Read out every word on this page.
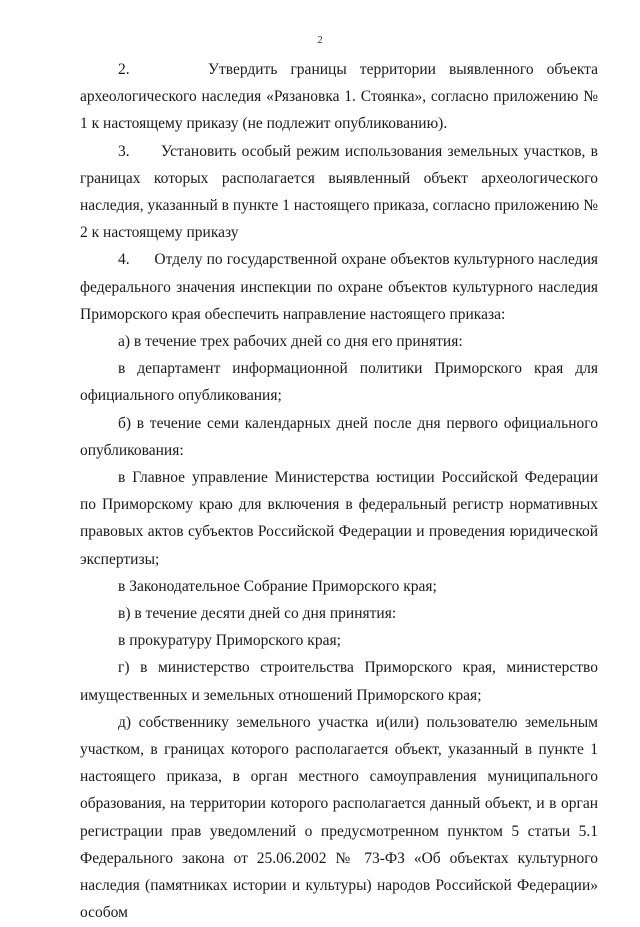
2

2.      Утвердить границы территории выявленного объекта археологического наследия «Рязановка 1. Стоянка», согласно приложению № 1 к настоящему приказу (не подлежит опубликованию).

3.      Установить особый режим использования земельных участков, в границах которых располагается выявленный объект археологического наследия, указанный в пункте 1 настоящего приказа, согласно приложению № 2 к настоящему приказу

4.      Отделу по государственной охране объектов культурного наследия федерального значения инспекции по охране объектов культурного наследия Приморского края обеспечить направление настоящего приказа:

а) в течение трех рабочих дней со дня его принятия:

в департамент информационной политики Приморского края для официального опубликования;

б) в течение семи календарных дней после дня первого официального опубликования:

в Главное управление Министерства юстиции Российской Федерации по Приморскому краю для включения в федеральный регистр нормативных правовых актов субъектов Российской Федерации и проведения юридической экспертизы;

в Законодательное Собрание Приморского края;

в) в течение десяти дней со дня принятия:

в прокуратуру Приморского края;

г) в министерство строительства Приморского края, министерство имущественных и земельных отношений Приморского края;

д) собственнику земельного участка и(или) пользователю земельным участком, в границах которого располагается объект, указанный в пункте 1 настоящего приказа, в орган местного самоуправления муниципального образования, на территории которого располагается данный объект, и в орган регистрации прав уведомлений о предусмотренном пунктом 5 статьи 5.1 Федерального закона от 25.06.2002 № 73-ФЗ «Об объектах культурного наследия (памятниках истории и культуры) народов Российской Федерации» особом
